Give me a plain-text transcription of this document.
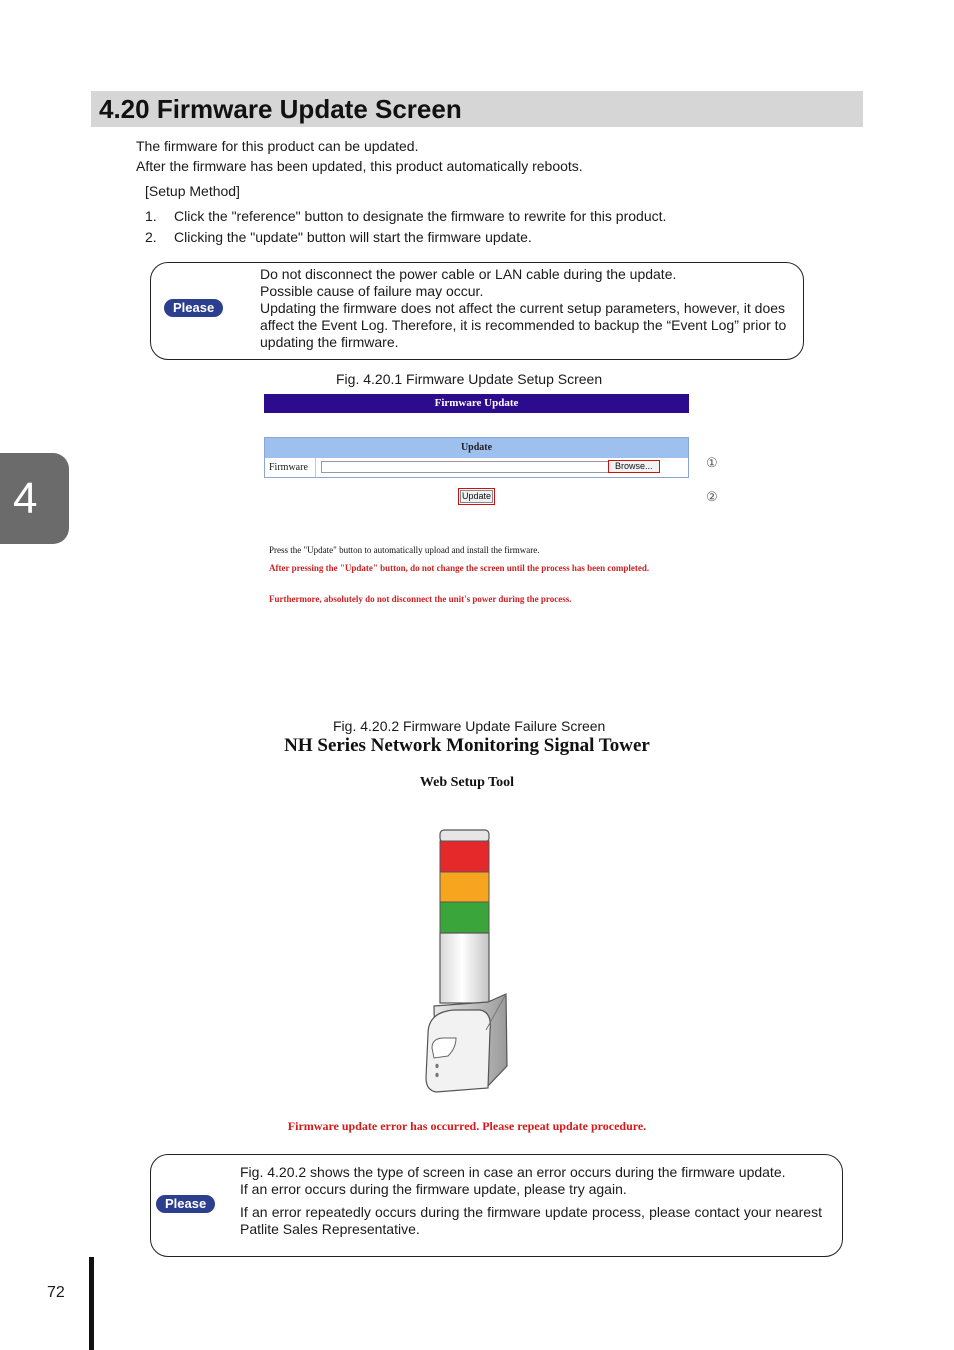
4.20 Firmware Update Screen
The firmware for this product can be updated.
After the firmware has been updated, this product automatically reboots.
[Setup Method]
1. Click the "reference" button to designate the firmware to rewrite for this product.
2. Clicking the "update" button will start the firmware update.
Please
Do not disconnect the power cable or LAN cable during the update.
Possible cause of failure may occur.
Updating the firmware does not affect the current setup parameters, however, it does affect the Event Log. Therefore, it is recommended to backup the “Event Log” prior to updating the firmware.
Fig. 4.20.1 Firmware Update Setup Screen
Firmware Update
Update
Firmware	Browse...	①
②
Update
Press the "Update" button to automatically upload and install the firmware.
After pressing the "Update" button, do not change the screen until the process has been completed.
Furthermore, absolutely do not disconnect the unit's power during the process.
Fig. 4.20.2 Firmware Update Failure Screen
NH Series Network Monitoring Signal Tower
Web Setup Tool
Firmware update error has occurred. Please repeat update procedure.
Please
Fig. 4.20.2 shows the type of screen in case an error occurs during the firmware update.
If an error occurs during the firmware update, please try again.
If an error repeatedly occurs during the firmware update process, please contact your nearest Patlite Sales Representative.
4
72
